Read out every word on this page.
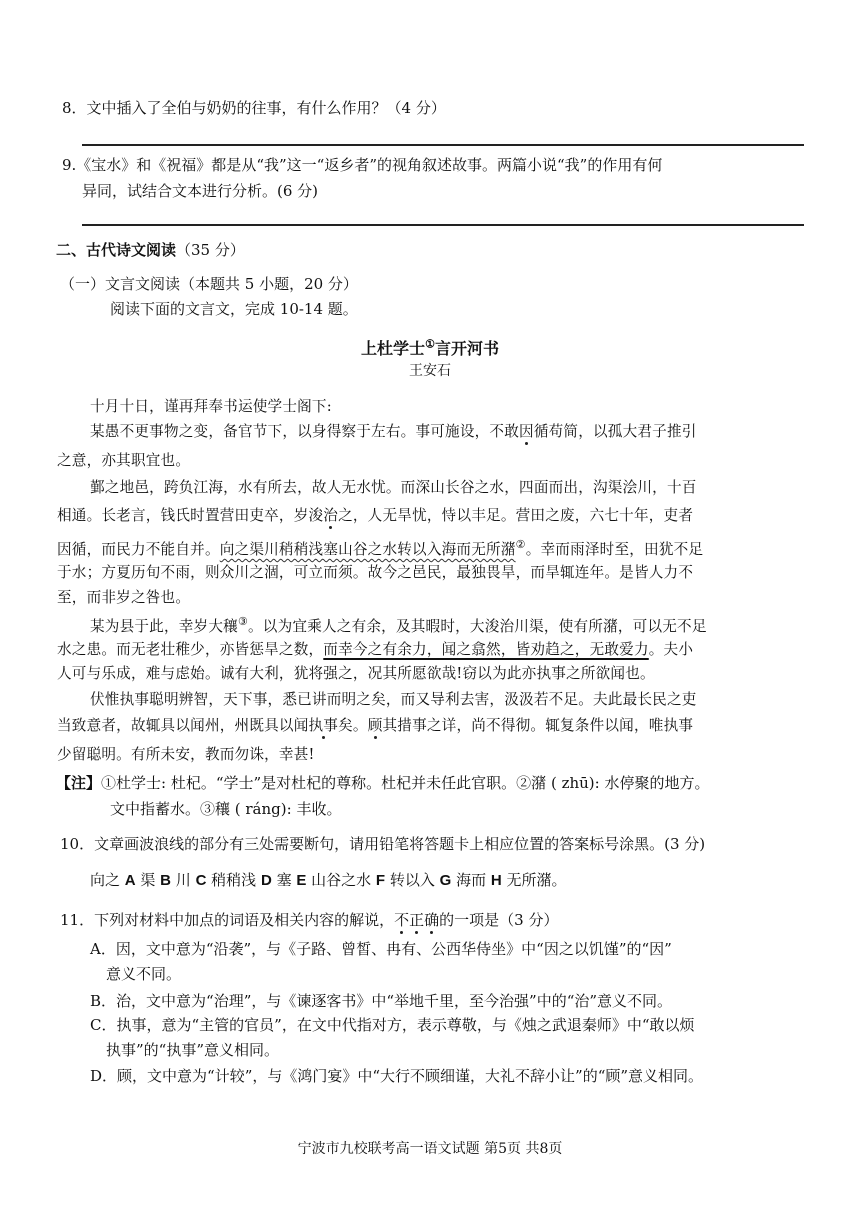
8．文中插入了全伯与奶奶的往事，有什么作用？（4 分）
9.《宝水》和《祝福》都是从“我”这一“返乡者”的视角叙述故事。两篇小说“我”的作用有何
异同，试结合文本进行分析。(6 分)
二、古代诗文阅读（35 分）
（一）文言文阅读（本题共 5 小题，20 分）
阅读下面的文言文，完成 10-14 题。
上杜学士①言开河书
王安石
十月十日，谨再拜奉书运使学士阁下:
某愚不更事物之变，备官节下，以身得察于左右。事可施设，不敢因循苟简，以孤大君子推引
之意，亦其职宜也。
鄞之地邑，跨负江海，水有所去，故人无水忧。而深山长谷之水，四面而出，沟渠浍川，十百
相通。长老言，钱氏时置营田吏卒，岁浚治之，人无旱忧，恃以丰足。营田之废，六七十年，吏者
因循，而民力不能自并。向之渠川稍稍浅塞山谷之水转以入海而无所潴②。幸而雨泽时至，田犹不足
于水；方夏历旬不雨，则众川之涸，可立而须。故今之邑民，最独畏旱，而旱辄连年。是皆人力不
至，而非岁之咎也。
某为县于此，幸岁大穰③。以为宜乘人之有余，及其暇时，大浚治川渠，使有所潴，可以无不足
水之患。而无老壮稚少，亦皆惩旱之数，而幸今之有余力，闻之翕然，皆劝趋之，无敢爱力。夫小
人可与乐成，难与虑始。诚有大利，犹将强之，况其所愿欲哉!窃以为此亦执事之所欲闻也。
伏惟执事聪明辨智，天下事，悉已讲而明之矣，而又导利去害，汲汲若不足。夫此最长民之吏
当致意者，故辄具以闻州，州既具以闻执事矣。顾其措事之详，尚不得彻。辄复条件以闻，唯执事
少留聪明。有所未安，教而勿诛，幸甚!
【注】①杜学士: 杜杞。“学士”是对杜杞的尊称。杜杞并未任此官职。②潴 ( zhū): 水停聚的地方。
文中指蓄水。③穰 ( ráng): 丰收。
10．文章画波浪线的部分有三处需要断句，请用铅笔将答题卡上相应位置的答案标号涂黑。(3 分)
向之 A 渠 B 川 C 稍稍浅 D 塞 E 山谷之水 F 转以入 G 海而 H 无所潴。
11．下列对材料中加点的词语及相关内容的解说，不正确的一项是（3 分）
A．因，文中意为“沿袭”，与《子路、曾皙、冉有、公西华侍坐》中“因之以饥馑”的“因”
意义不同。
B．治，文中意为“治理”，与《谏逐客书》中“举地千里，至今治强”中的“治”意义不同。
C．执事，意为“主管的官员”，在文中代指对方，表示尊敬，与《烛之武退秦师》中“敢以烦
执事”的“执事”意义相同。
D．顾，文中意为“计较”，与《鸿门宴》中“大行不顾细谨，大礼不辞小让”的“顾”意义相同。
宁波市九校联考高一语文试题 第5页 共8页
